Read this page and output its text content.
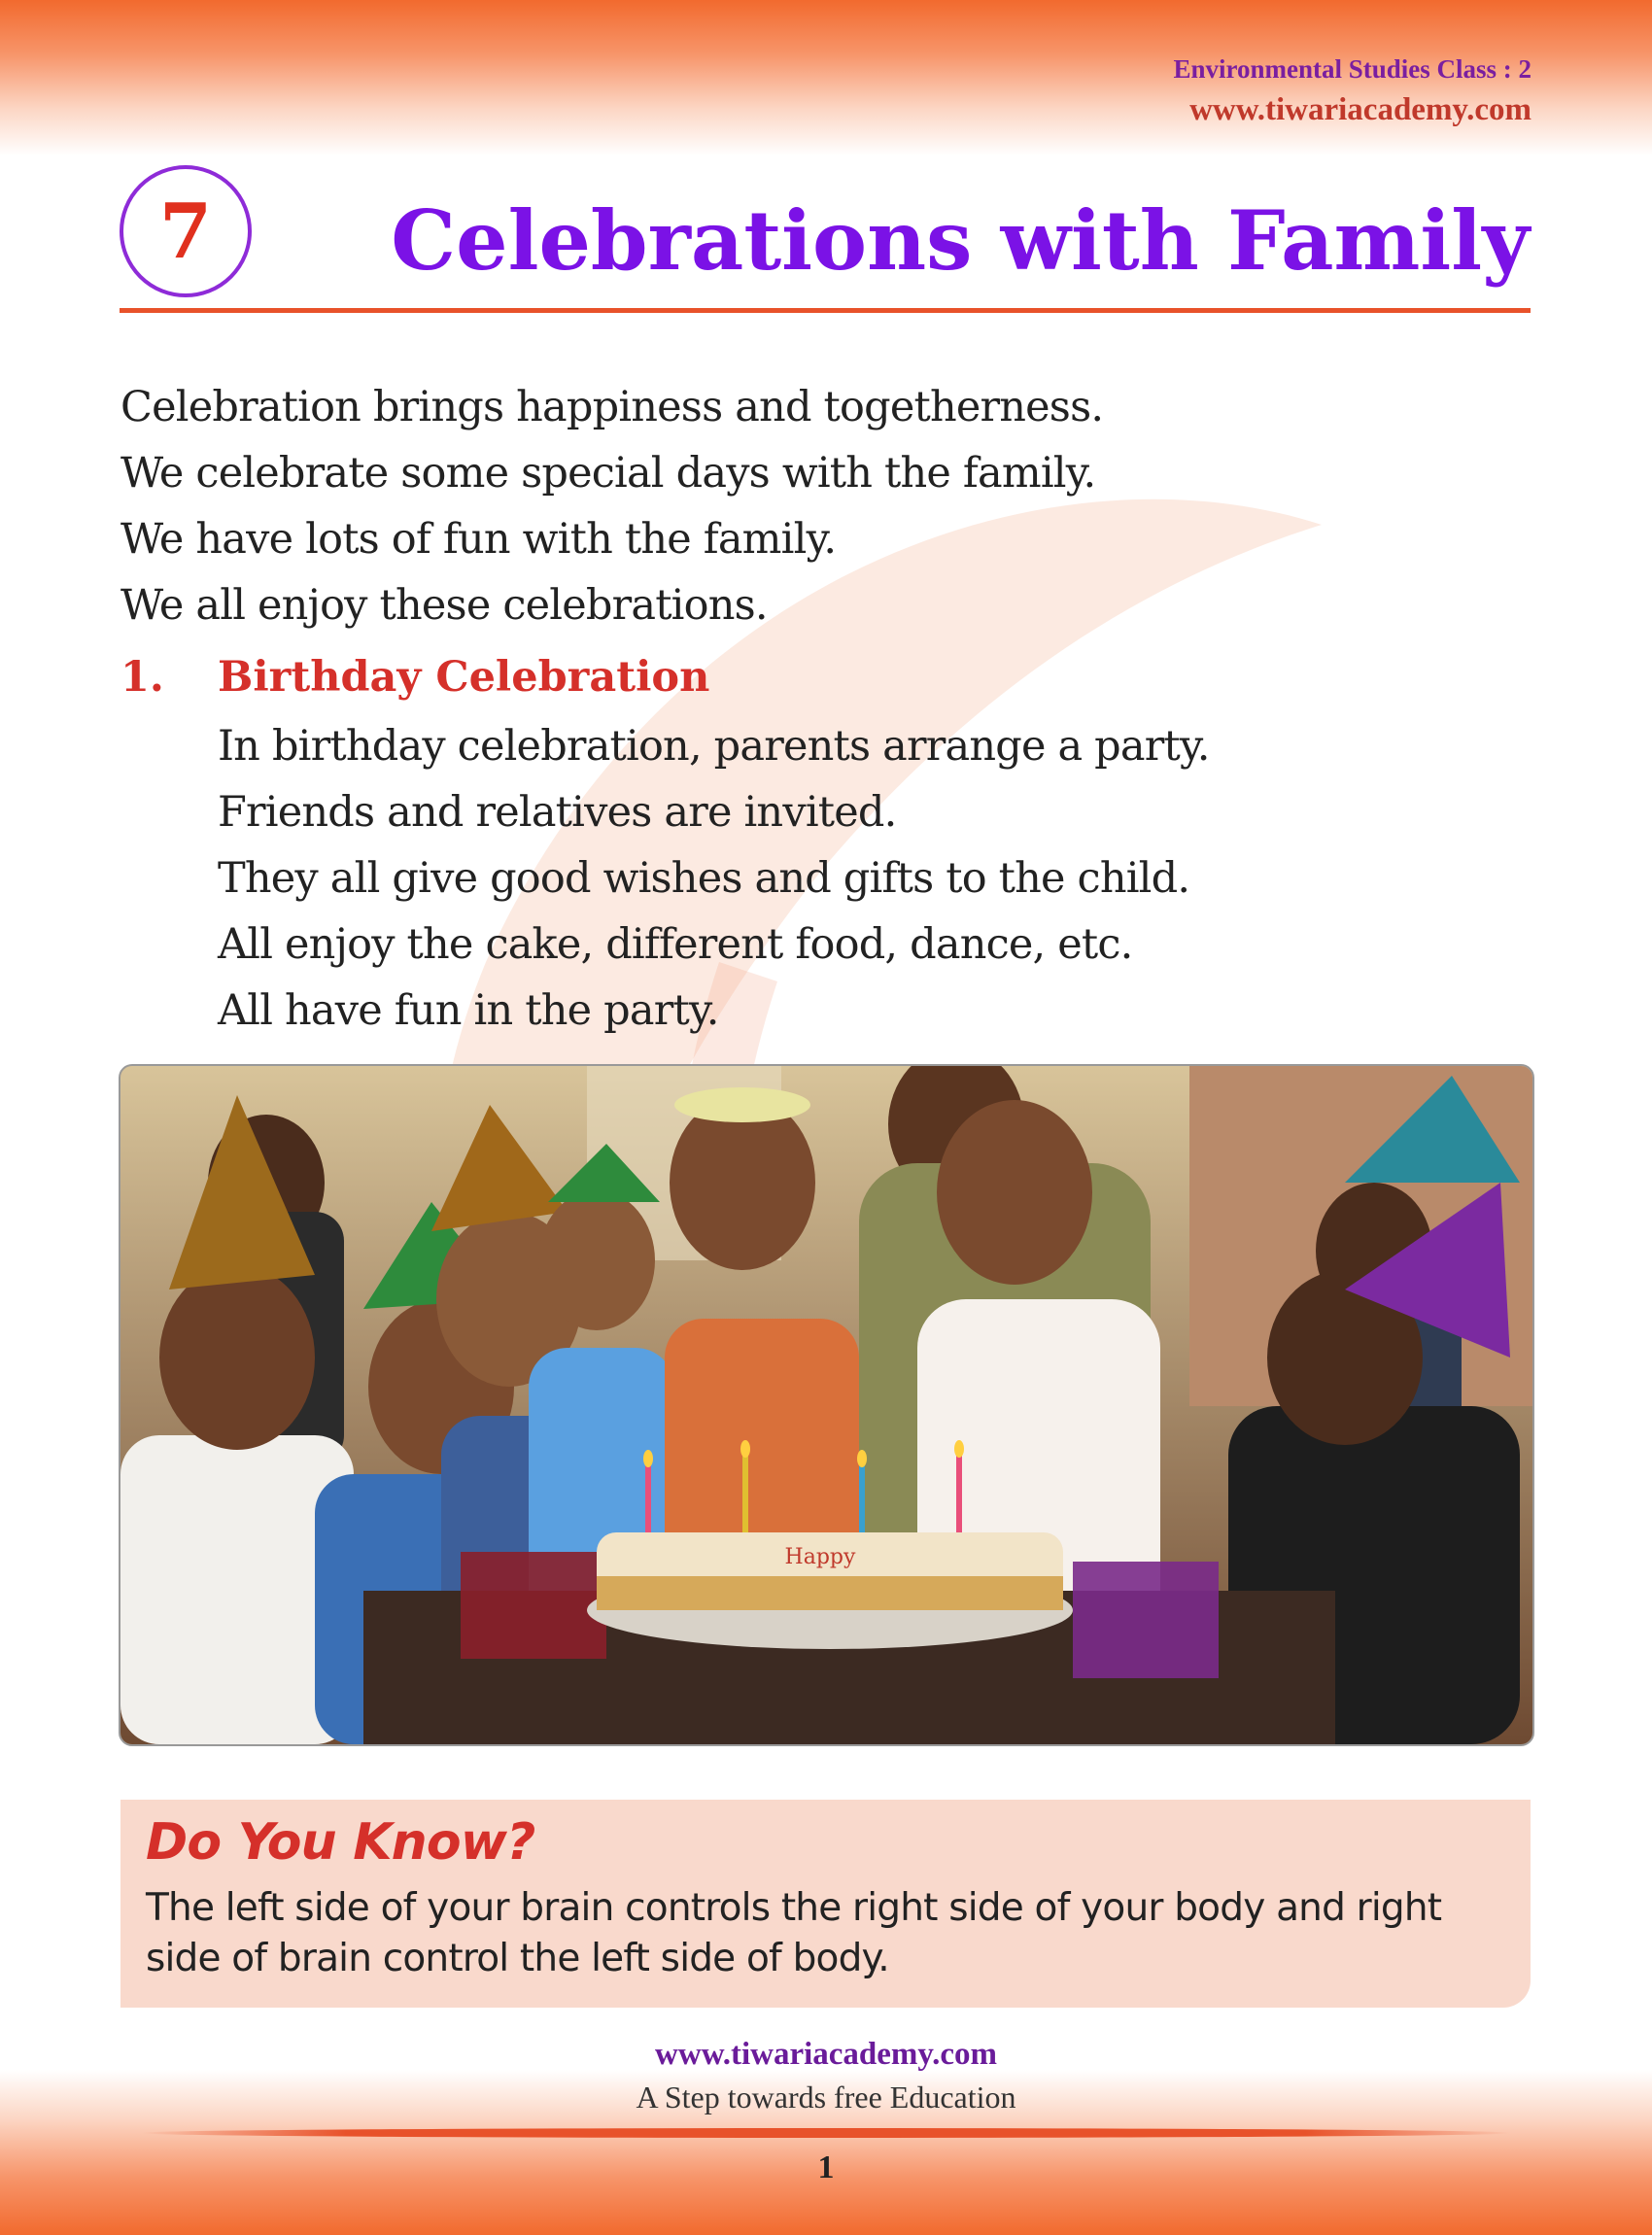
Environmental Studies Class : 2
www.tiwariacademy.com
7 Celebrations with Family
Celebration brings happiness and togetherness.
We celebrate some special days with the family.
We have lots of fun with the family.
We all enjoy these celebrations.
1. Birthday Celebration
In birthday celebration, parents arrange a party.
Friends and relatives are invited.
They all give good wishes and gifts to the child.
All enjoy the cake, different food, dance, etc.
All have fun in the party.
Happy
Do You Know?
The left side of your brain controls the right side of your body and right side of brain control the left side of body.
www.tiwariacademy.com
A Step towards free Education
1
